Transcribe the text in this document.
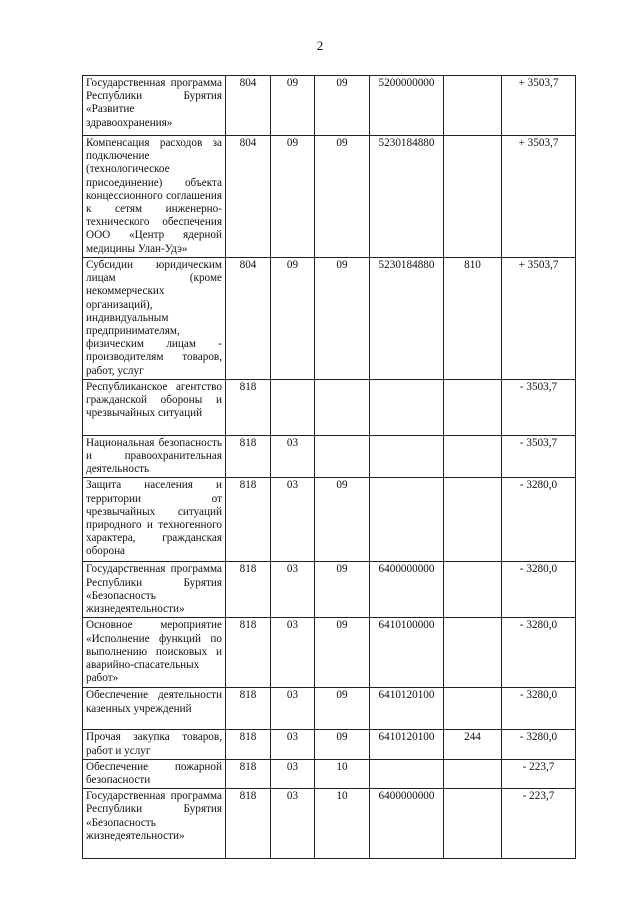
2
Государственная программа Республики Бурятия «Развитие здравоохранения»	804	09	09	5200000000		+ 3503,7
Компенсация расходов за подключение (технологическое присоединение) объекта концессионного соглашения к сетям инженерно-технического обеспечения ООО «Центр ядерной медицины Улан-Удэ»	804	09	09	5230184880		+ 3503,7
Субсидии юридическим лицам (кроме некоммерческих организаций), индивидуальным предпринимателям, физическим лицам - производителям товаров, работ, услуг	804	09	09	5230184880	810	+ 3503,7
Республиканское агентство гражданской обороны и чрезвычайных ситуаций	818					- 3503,7
Национальная безопасность и правоохранительная деятельность	818	03				- 3503,7
Защита населения и территории от чрезвычайных ситуаций природного и техногенного характера, гражданская оборона	818	03	09			- 3280,0
Государственная программа Республики Бурятия «Безопасность жизнедеятельности»	818	03	09	6400000000		- 3280,0
Основное мероприятие «Исполнение функций по выполнению поисковых и аварийно-спасательных работ»	818	03	09	6410100000		- 3280,0
Обеспечение деятельности казенных учреждений	818	03	09	6410120100		- 3280,0
Прочая закупка товаров, работ и услуг	818	03	09	6410120100	244	- 3280,0
Обеспечение пожарной безопасности	818	03	10			- 223,7
Государственная программа Республики Бурятия «Безопасность жизнедеятельности»	818	03	10	6400000000		- 223,7
